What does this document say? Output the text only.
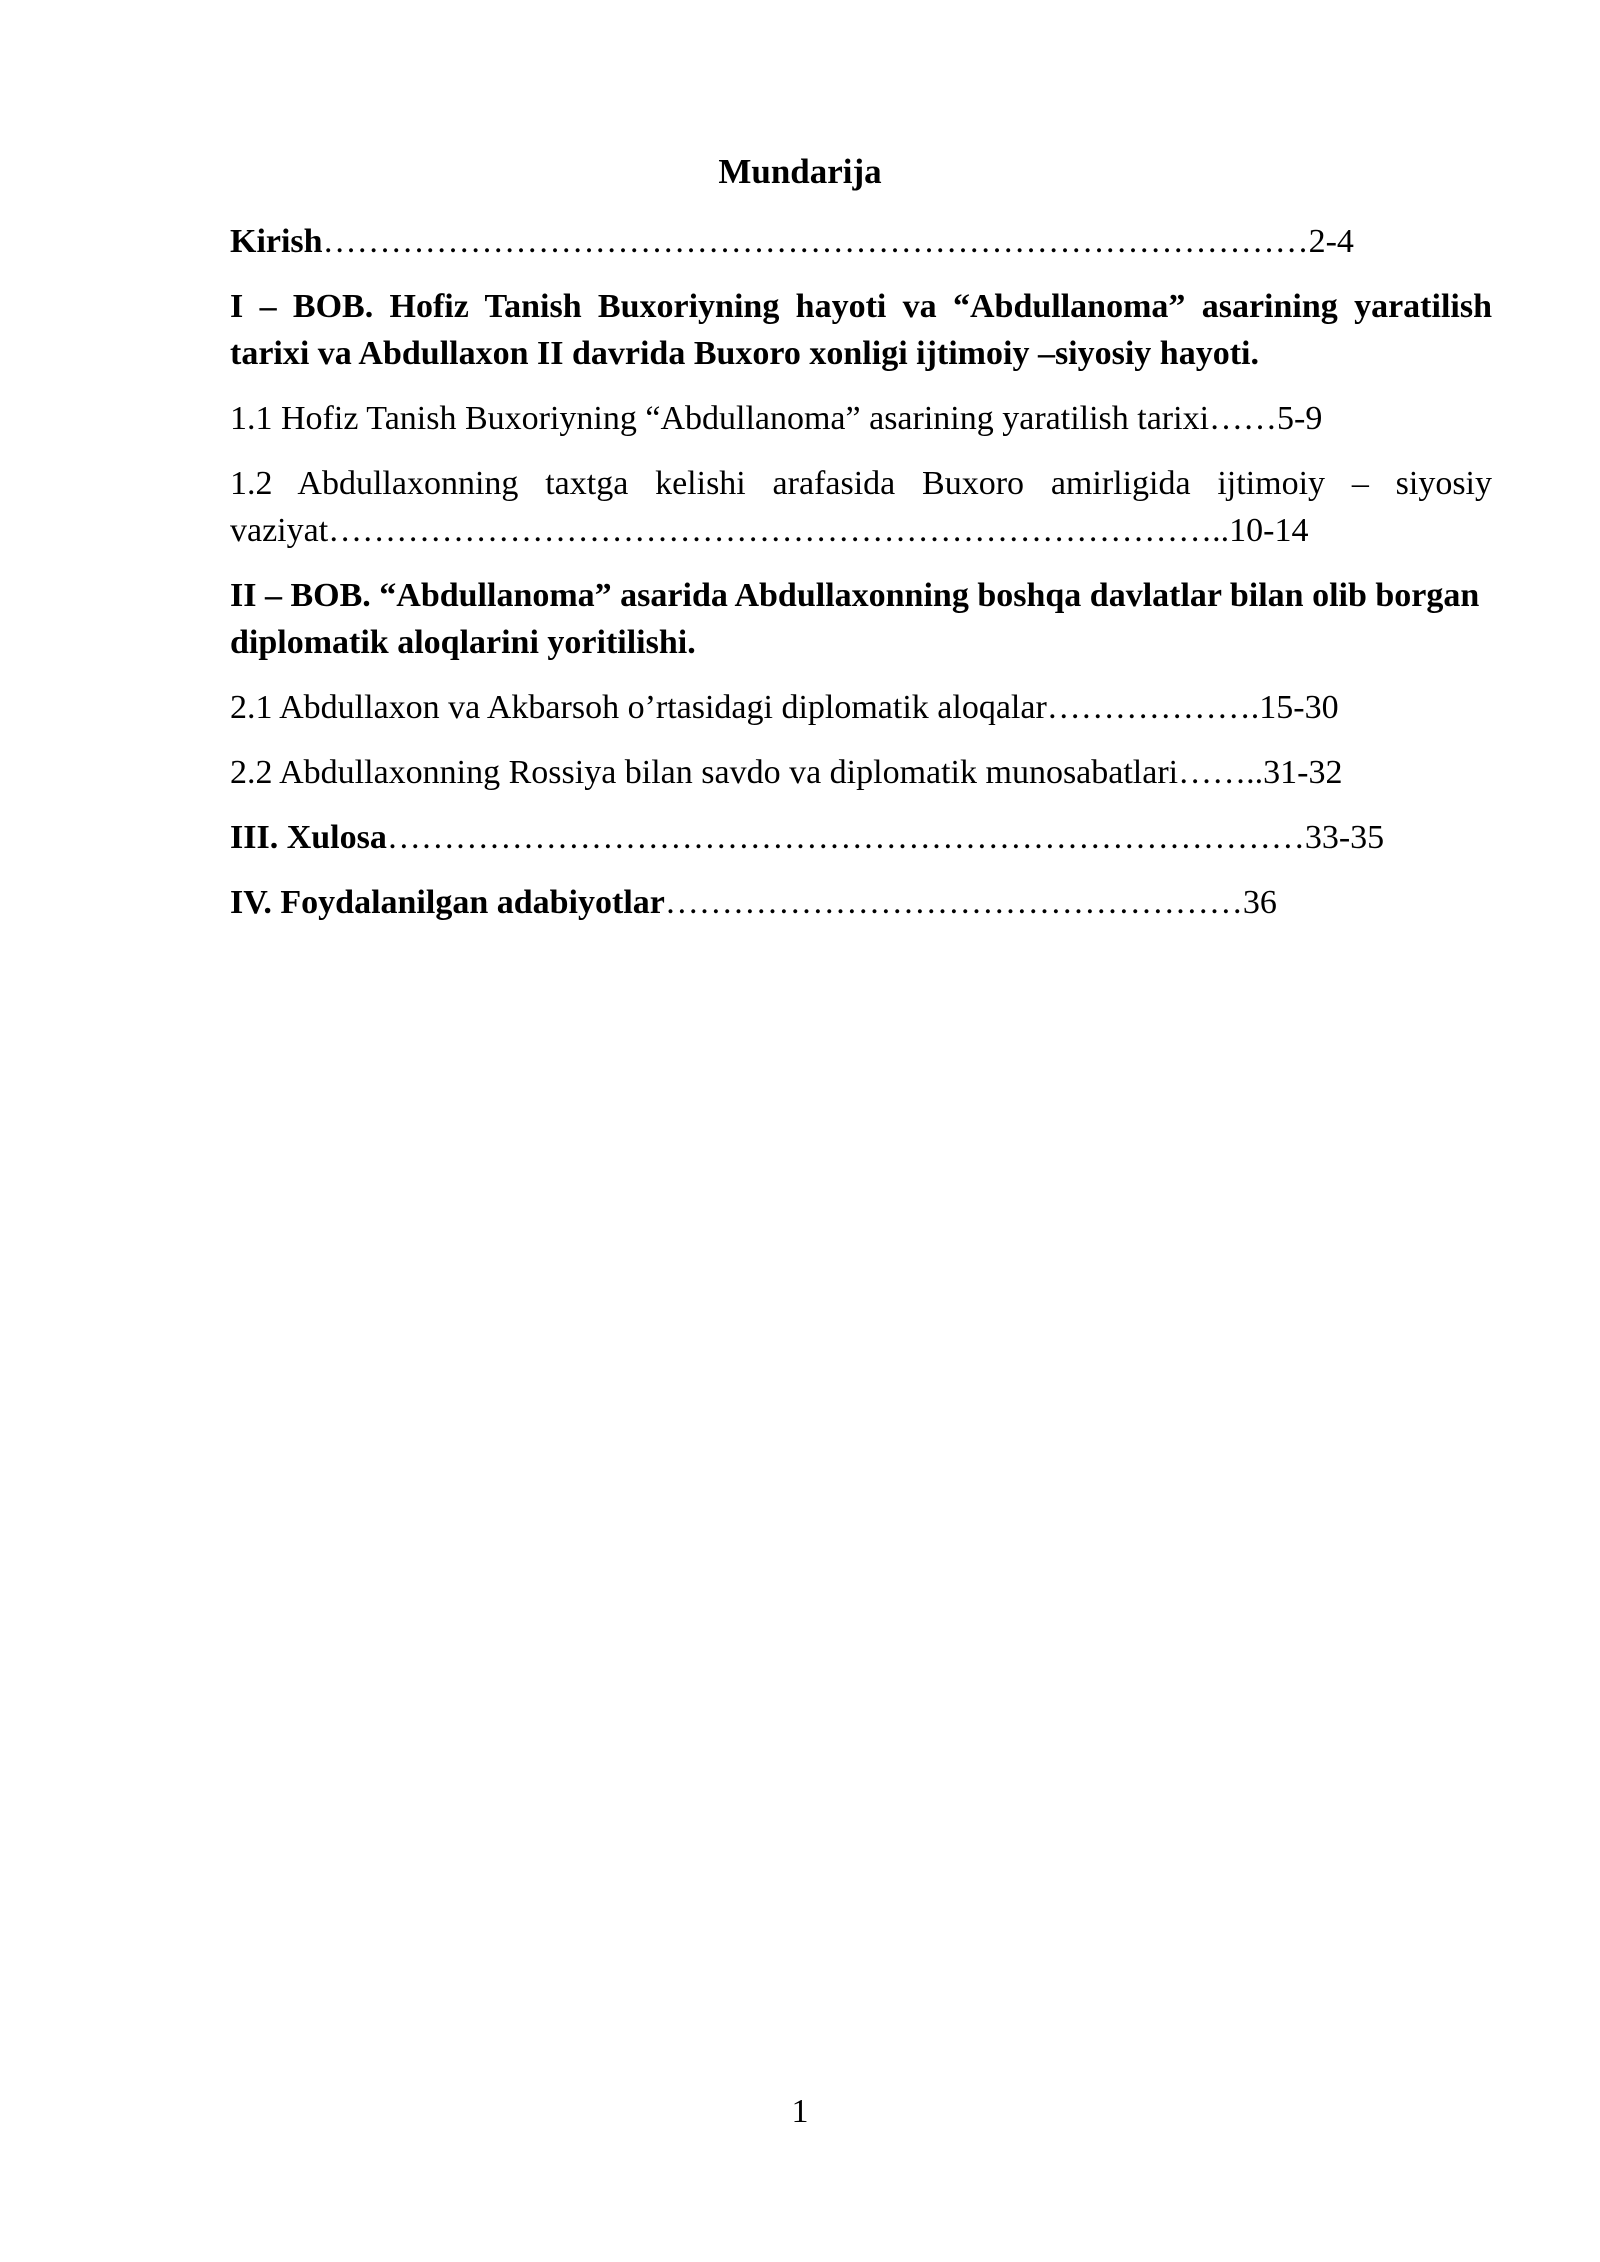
Mundarija

Kirish……………………………………………………………………………2-4

I – BOB. Hofiz Tanish Buxoriyning hayoti va “Abdullanoma” asarining yaratilish tarixi va Abdullaxon II davrida Buxoro xonligi ijtimoiy –siyosiy hayoti.

1.1 Hofiz Tanish Buxoriyning “Abdullanoma” asarining yaratilish tarixi……5-9

1.2 Abdullaxonning taxtga kelishi arafasida Buxoro amirligida ijtimoiy – siyosiy
vaziyat……………………………………………………………………..10-14

II – BOB. “Abdullanoma” asarida Abdullaxonning boshqa davlatlar bilan olib borgan diplomatik aloqlarini yoritilishi.

2.1 Abdullaxon va Akbarsoh o’rtasidagi diplomatik aloqalar……………….15-30

2.2 Abdullaxonning Rossiya bilan savdo va diplomatik munosabatlari……..31-32

III. Xulosa………………………………………………………………………33-35

IV. Foydalanilgan adabiyotlar……………………………………………36

1
